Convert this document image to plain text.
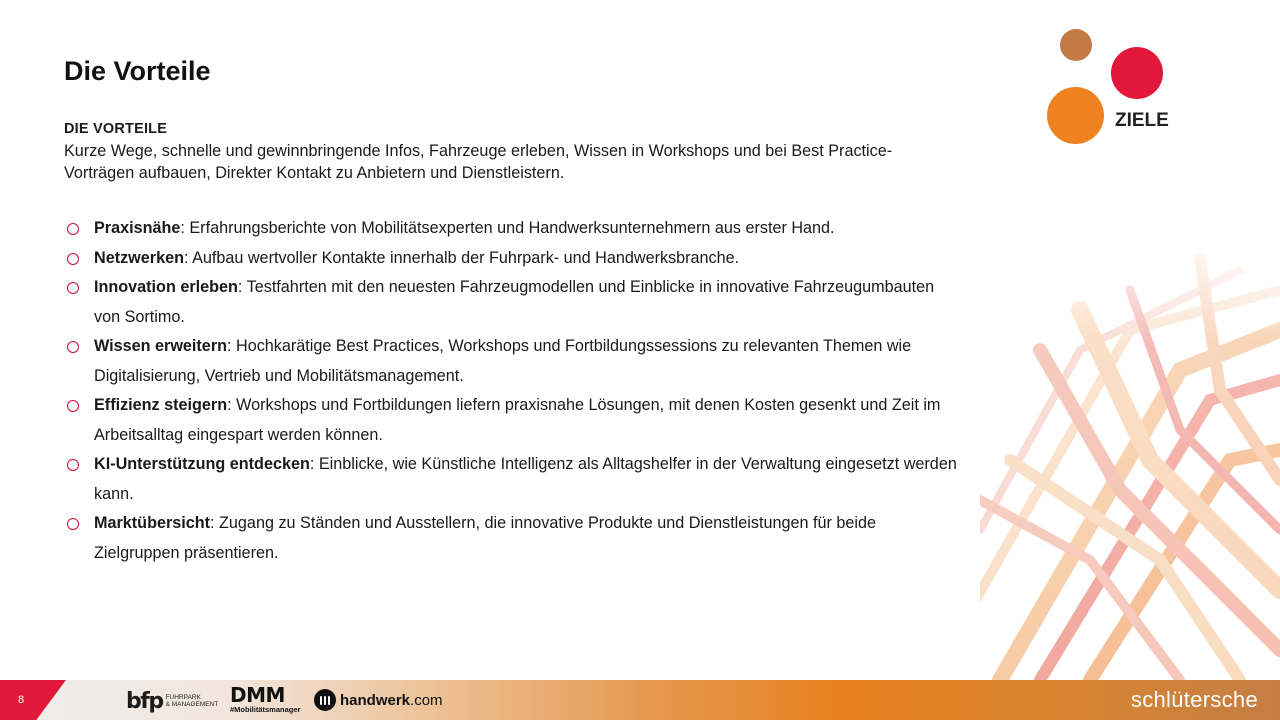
Die Vorteile
ZIELE
DIE VORTEILE
Kurze Wege, schnelle und gewinnbringende Infos, Fahrzeuge erleben, Wissen in Workshops und bei Best Practice-Vorträgen aufbauen, Direkter Kontakt zu Anbietern und Dienstleistern.
Praxisnähe: Erfahrungsberichte von Mobilitätsexperten und Handwerksunternehmern aus erster Hand.
Netzwerken: Aufbau wertvoller Kontakte innerhalb der Fuhrpark- und Handwerksbranche.
Innovation erleben: Testfahrten mit den neuesten Fahrzeugmodellen und Einblicke in innovative Fahrzeugumbauten von Sortimo.
Wissen erweitern: Hochkarätige Best Practices, Workshops und Fortbildungssessions zu relevanten Themen wie Digitalisierung, Vertrieb und Mobilitätsmanagement.
Effizienz steigern: Workshops und Fortbildungen liefern praxisnahe Lösungen, mit denen Kosten gesenkt und Zeit im Arbeitsalltag eingespart werden können.
KI-Unterstützung entdecken: Einblicke, wie Künstliche Intelligenz als Alltagshelfer in der Verwaltung eingesetzt werden kann.
Marktübersicht: Zugang zu Ständen und Ausstellern, die innovative Produkte und Dienstleistungen für beide Zielgruppen präsentieren.
8	bfp FUHRPARK
& MANAGEMENT DMM
#Mobilitätsmanager
handwerk.com	schlütersche
